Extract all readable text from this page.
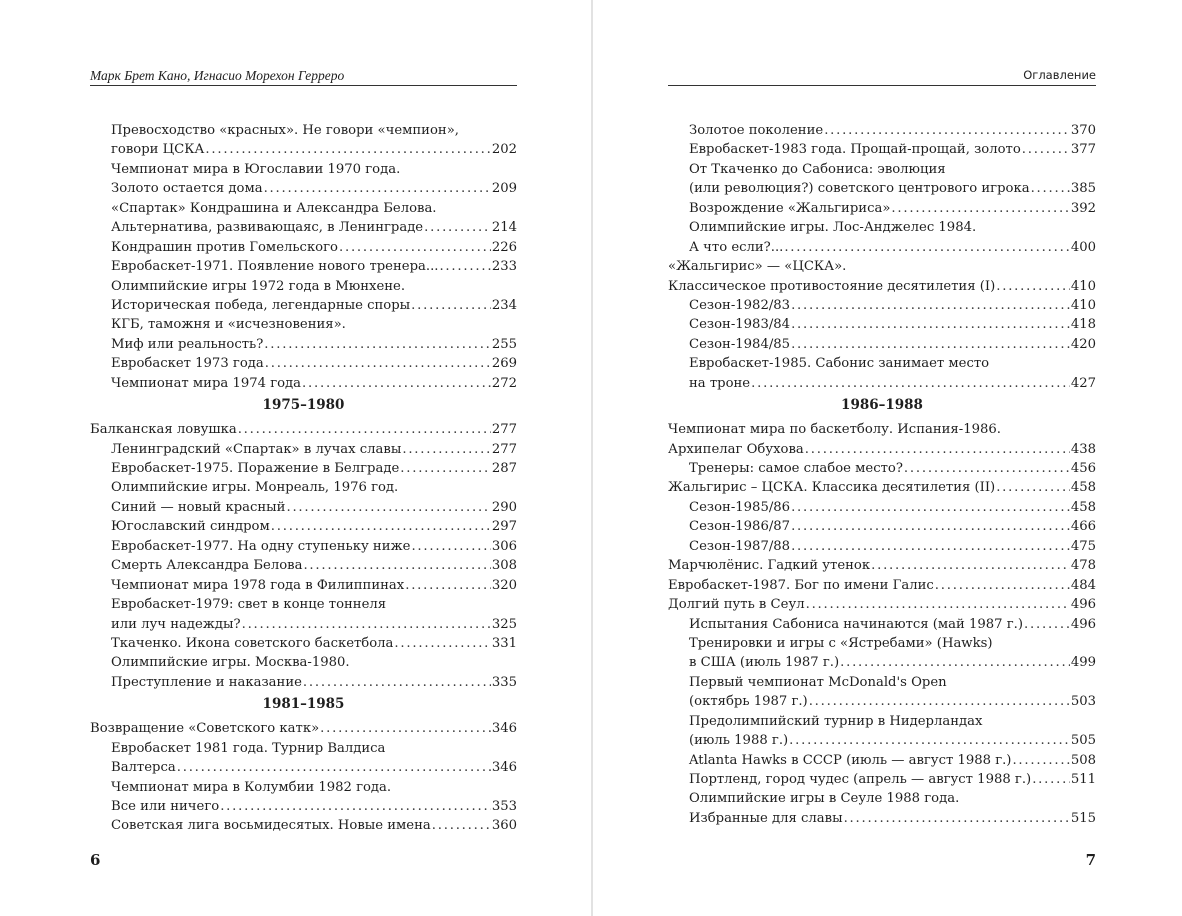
Марк Брет Кано, Игнасио Морехон Герреро
Превосходство «красных». Не говори «чемпион»,
говори ЦСКА . . .	202
Чемпионат мира в Югославии 1970 года.
Золото остается дома . . .	209
«Спартак» Кондрашина и Александра Белова.
Альтернатива, развивающаяс, в Ленинграде . . .	214
Кондрашин против Гомельского . . .	226
Евробаскет-1971. Появление нового тренера... . . .	233
Олимпийские игры 1972 года в Мюнхене.
Историческая победа, легендарные споры . . .	234
КГБ, таможня и «исчезновения».
Миф или реальность? . . .	255
Евробаскет 1973 года . . .	269
Чемпионат мира 1974 года . . .	272
1975–1980
Балканская ловушка . . .	277
Ленинградский «Спартак» в лучах славы . . .	277
Евробаскет-1975. Поражение в Белграде . . .	287
Олимпийские игры. Монреаль, 1976 год.
Синий — новый красный . . .	290
Югославский синдром . . .	297
Евробаскет-1977. На одну ступеньку ниже . . .	306
Смерть Александра Белова . . .	308
Чемпионат мира 1978 года в Филиппинах . . .	320
Евробаскет-1979: свет в конце тоннеля
или луч надежды? . . .	325
Ткаченко. Икона советского баскетбола . . .	331
Олимпийские игры. Москва-1980.
Преступление и наказание . . .	335
1981–1985
Возвращение «Советского катк» . . .	346
Евробаскет 1981 года. Турнир Валдиса
Валтерса . . .	346
Чемпионат мира в Колумбии 1982 года.
Все или ничего . . .	353
Советская лига восьмидесятых. Новые имена . . .	360
6
Оглавление
Золотое поколение . . .	370
Евробаскет-1983 года. Прощай-прощай, золото . . .	377
От Ткаченко до Сабониса: эволюция
(или революция?) советского центрового игрока . . .	385
Возрождение «Жальгириса» . . .	392
Олимпийские игры. Лос-Анджелес 1984.
А что если?... . . .	400
«Жальгирис» — «ЦСКА».
Классическое противостояние десятилетия (I) . . .	410
Сезон-1982/83 . . .	410
Сезон-1983/84 . . .	418
Сезон-1984/85 . . .	420
Евробаскет-1985. Сабонис занимает место
на троне . . .	427
1986–1988
Чемпионат мира по баскетболу. Испания-1986.
Архипелаг Обухова . . .	438
Тренеры: самое слабое место? . . .	456
Жальгирис – ЦСКА. Классика десятилетия (II) . . .	458
Сезон-1985/86 . . .	458
Сезон-1986/87 . . .	466
Сезон-1987/88 . . .	475
Марчюлёнис. Гадкий утенок . . .	478
Евробаскет-1987. Бог по имени Галис . . .	484
Долгий путь в Сеул . . .	496
Испытания Сабониса начинаются (май 1987 г.) . . .	496
Тренировки и игры с «Ястребами» (Hawks)
в США (июль 1987 г.) . . .	499
Первый чемпионат McDonald's Open
(октябрь 1987 г.) . . .	503
Предолимпийский турнир в Нидерландах
(июль 1988 г.) . . .	505
Atlanta Hawks в СССР (июль — август 1988 г.) . . .	508
Портленд, город чудес (апрель — август 1988 г.) . . .	511
Олимпийские игры в Сеуле 1988 года.
Избранные для славы . . .	515
7
